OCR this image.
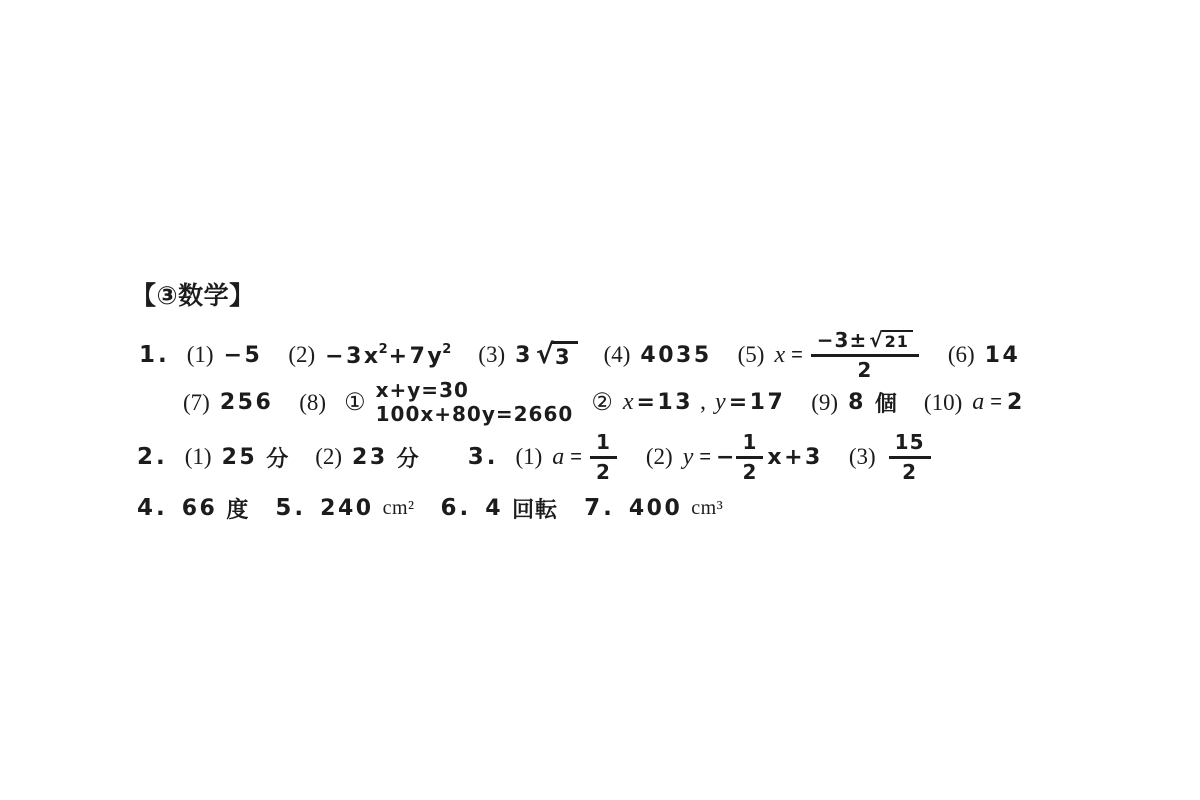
【③数学】
1. (1) −5 $(2) -3x^2+7y^2$ (3) 3 √ 3	(4) 4035 (5) $x = \frac{-3\pm √ 21}{2} (6)$ 14
(7) 256 (8) ①
x+y=30
100x+80y=2660 ② x =13 , y =17 (9) 8 個 (10) a = 2
2. (1) 25 分 (2) 23 分 3. (1) $a = \frac{1}{2} (2) y$ = − $\frac{1}{2} x+3$ $(3) \frac{15}{2}$
4. 66 度 5. 240 cm² 6. 4 回転 7. 400 cm³
